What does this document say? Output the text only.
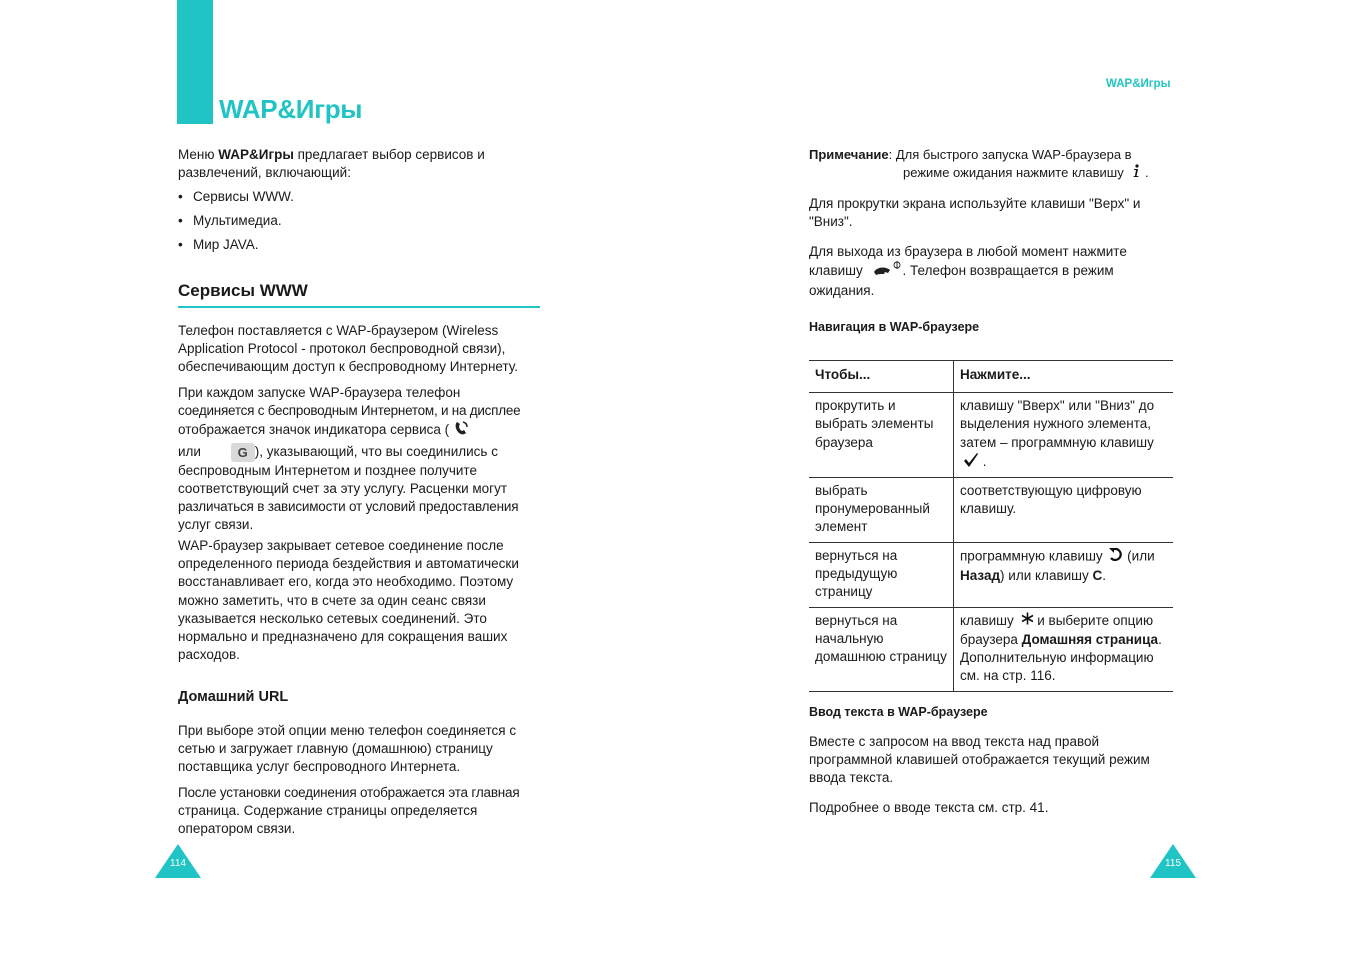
WAP&Игры
Меню WAP&Игры предлагает выбор сервисов и
развлечений, включающий:
• Сервисы WWW.
• Мультимедиа.
• Мир JAVA.
Сервисы WWW
Телефон поставляется с WAP-браузером (Wireless
Application Protocol - протокол беспроводной связи),
обеспечивающим доступ к беспроводному Интернету.
При каждом запуске WAP-браузера телефон
соединяется с беспроводным Интернетом, и на дисплее
отображается значок индикатора сервиса (
или	G ), указывающий, что вы соединились с
беспроводным Интернетом и позднее получите
соответствующий счет за эту услугу. Расценки могут
различаться в зависимости от условий предоставления
услуг связи.
WAP-браузер закрывает сетевое соединение после
определенного периода бездействия и автоматически
восстанавливает его, когда это необходимо. Поэтому
можно заметить, что в счете за один сеанс связи
указывается несколько сетевых соединений. Это
нормально и предназначено для сокращения ваших
расходов.
Домашний URL
При выборе этой опции меню телефон соединяется с
сетью и загружает главную (домашнюю) страницу
поставщика услуг беспроводного Интернета.
После установки соединения отображается эта главная
страница. Содержание страницы определяется
оператором связи.
114
WAP&Игры
Примечание: Для быстрого запуска WAP-браузера в
режиме ожидания нажмите клавишу  .
Для прокрутки экрана используйте клавиши "Верх" и
"Вниз".
Для выхода из браузера в любой момент нажмите
клавишу	. Телефон возвращается в режим
ожидания.
Навигация в WAP-браузере
Чтобы...	Нажмите...
прокрутить и выбрать элементы браузера	клавишу "Вверх" или "Вниз" до выделения нужного элемента, затем – программную клавишу  .
выбрать пронумерованный элемент	соответствующую цифровую клавишу.
вернуться на предыдущую страницу	программную клавишу  (или Назад) или клавишу C.
вернуться на начальную домашнюю страницу	клавишу  и выберите опцию браузера Домашняя страница. Дополнительную информацию см. на стр. 116.
Ввод текста в WAP-браузере
Вместе с запросом на ввод текста над правой
программной клавишей отображается текущий режим
ввода текста.
Подробнее о вводе текста см. стр. 41.
115
